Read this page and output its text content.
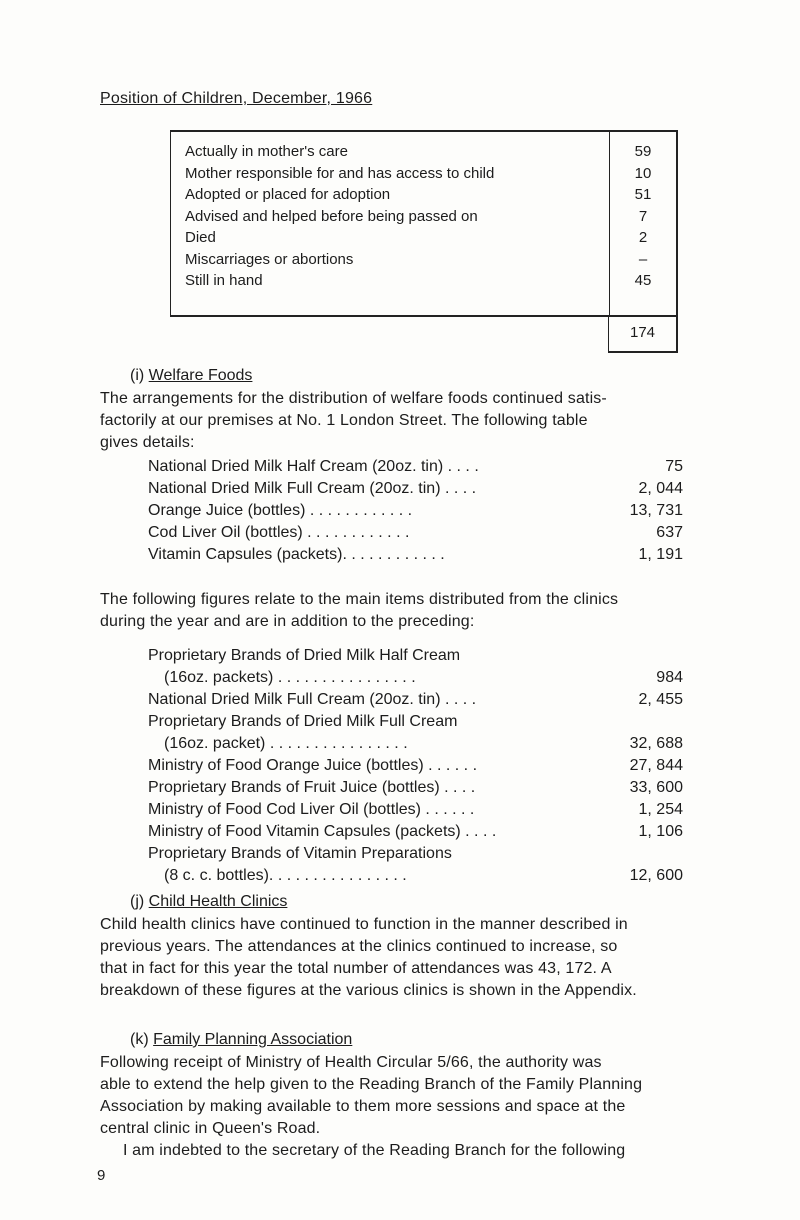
Position of Children, December, 1966
Actually in mother's care	59
Mother responsible for and has access to child	10
Adopted or placed for adoption	51
Advised and helped before being passed on	7
Died	2
Miscarriages or abortions	–
Still in hand	45
174
(i) Welfare Foods
The arrangements for the distribution of welfare foods continued satis-
factorily at our premises at No. 1 London Street. The following table
gives details:
National Dried Milk Half Cream (20oz. tin) . . . .	75
National Dried Milk Full Cream (20oz. tin) . . . .	2, 044
Orange Juice (bottles) . . . . . . . . . . . .	13, 731
Cod Liver Oil (bottles) . . . . . . . . . . . .	637
Vitamin Capsules (packets). . . . . . . . . . . .	1, 191
The following figures relate to the main items distributed from the clinics
during the year and are in addition to the preceding:
Proprietary Brands of Dried Milk Half Cream
(16oz. packets) . . . . . . . . . . . . . . . .	984
National Dried Milk Full Cream (20oz. tin) . . . .	2, 455
Proprietary Brands of Dried Milk Full Cream
(16oz. packet) . . . . . . . . . . . . . . . .	32, 688
Ministry of Food Orange Juice (bottles) . . . . . .	27, 844
Proprietary Brands of Fruit Juice (bottles) . . . .	33, 600
Ministry of Food Cod Liver Oil (bottles) . . . . . .	1, 254
Ministry of Food Vitamin Capsules (packets) . . . .	1, 106
Proprietary Brands of Vitamin Preparations
(8 c. c. bottles). . . . . . . . . . . . . . . .	12, 600
(j) Child Health Clinics
Child health clinics have continued to function in the manner described in
previous years. The attendances at the clinics continued to increase, so
that in fact for this year the total number of attendances was 43, 172. A
breakdown of these figures at the various clinics is shown in the Appendix.
(k) Family Planning Association
Following receipt of Ministry of Health Circular 5/66, the authority was
able to extend the help given to the Reading Branch of the Family Planning
Association by making available to them more sessions and space at the
central clinic in Queen's Road.
I am indebted to the secretary of the Reading Branch for the following
9
